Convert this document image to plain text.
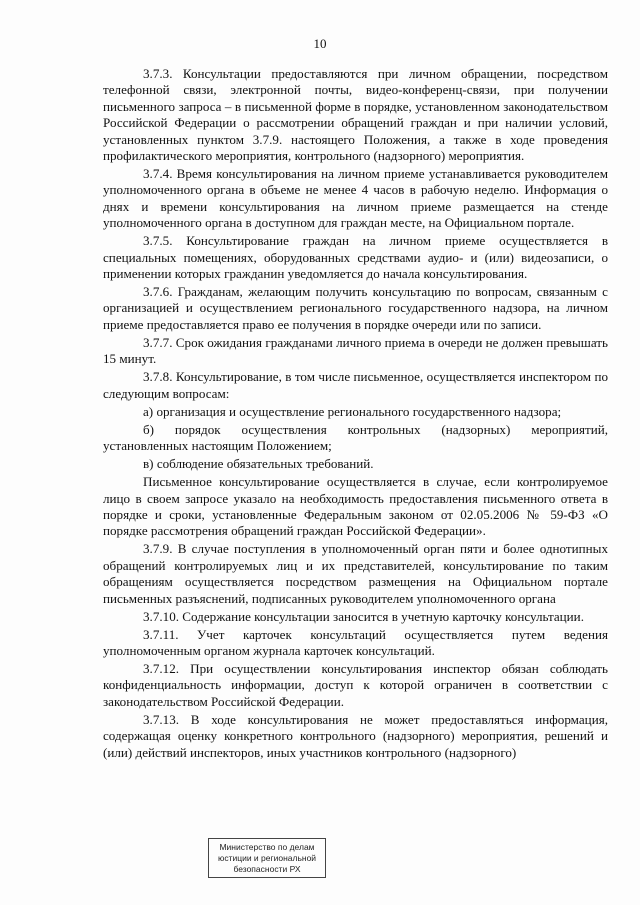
10

3.7.3. Консультации предоставляются при личном обращении, посредством телефонной связи, электронной почты, видео-конференц-связи, при получении письменного запроса – в письменной форме в порядке, установленном законодательством Российской Федерации о рассмотрении обращений граждан и при наличии условий, установленных пунктом 3.7.9. настоящего Положения, а также в ходе проведения профилактического мероприятия, контрольного (надзорного) мероприятия.

3.7.4. Время консультирования на личном приеме устанавливается руководителем уполномоченного органа в объеме не менее 4 часов в рабочую неделю. Информация о днях и времени консультирования на личном приеме размещается на стенде уполномоченного органа в доступном для граждан месте, на Официальном портале.

3.7.5. Консультирование граждан на личном приеме осуществляется в специальных помещениях, оборудованных средствами аудио- и (или) видеозаписи, о применении которых гражданин уведомляется до начала консультирования.

3.7.6. Гражданам, желающим получить консультацию по вопросам, связанным с организацией и осуществлением регионального государственного надзора, на личном приеме предоставляется право ее получения в порядке очереди или по записи.

3.7.7. Срок ожидания гражданами личного приема в очереди не должен превышать 15 минут.

3.7.8. Консультирование, в том числе письменное, осуществляется инспектором по следующим вопросам:

а) организация и осуществление регионального государственного надзора;

б) порядок осуществления контрольных (надзорных) мероприятий, установленных настоящим Положением;

в) соблюдение обязательных требований.

Письменное консультирование осуществляется в случае, если контролируемое лицо в своем запросе указало на необходимость предоставления письменного ответа в порядке и сроки, установленные Федеральным законом от 02.05.2006 № 59-ФЗ «О порядке рассмотрения обращений граждан Российской Федерации».

3.7.9. В случае поступления в уполномоченный орган пяти и более однотипных обращений контролируемых лиц и их представителей, консультирование по таким обращениям осуществляется посредством размещения на Официальном портале письменных разъяснений, подписанных руководителем уполномоченного органа

3.7.10. Содержание консультации заносится в учетную карточку консультации.

3.7.11. Учет карточек консультаций осуществляется путем ведения уполномоченным органом журнала карточек консультаций.

3.7.12. При осуществлении консультирования инспектор обязан соблюдать конфиденциальность информации, доступ к которой ограничен в соответствии с законодательством Российской Федерации.

3.7.13. В ходе консультирования не может предоставляться информация, содержащая оценку конкретного контрольного (надзорного) мероприятия, решений и (или) действий инспекторов, иных участников контрольного (надзорного)

Министерство по делам
юстиции и региональной
безопасности РХ
